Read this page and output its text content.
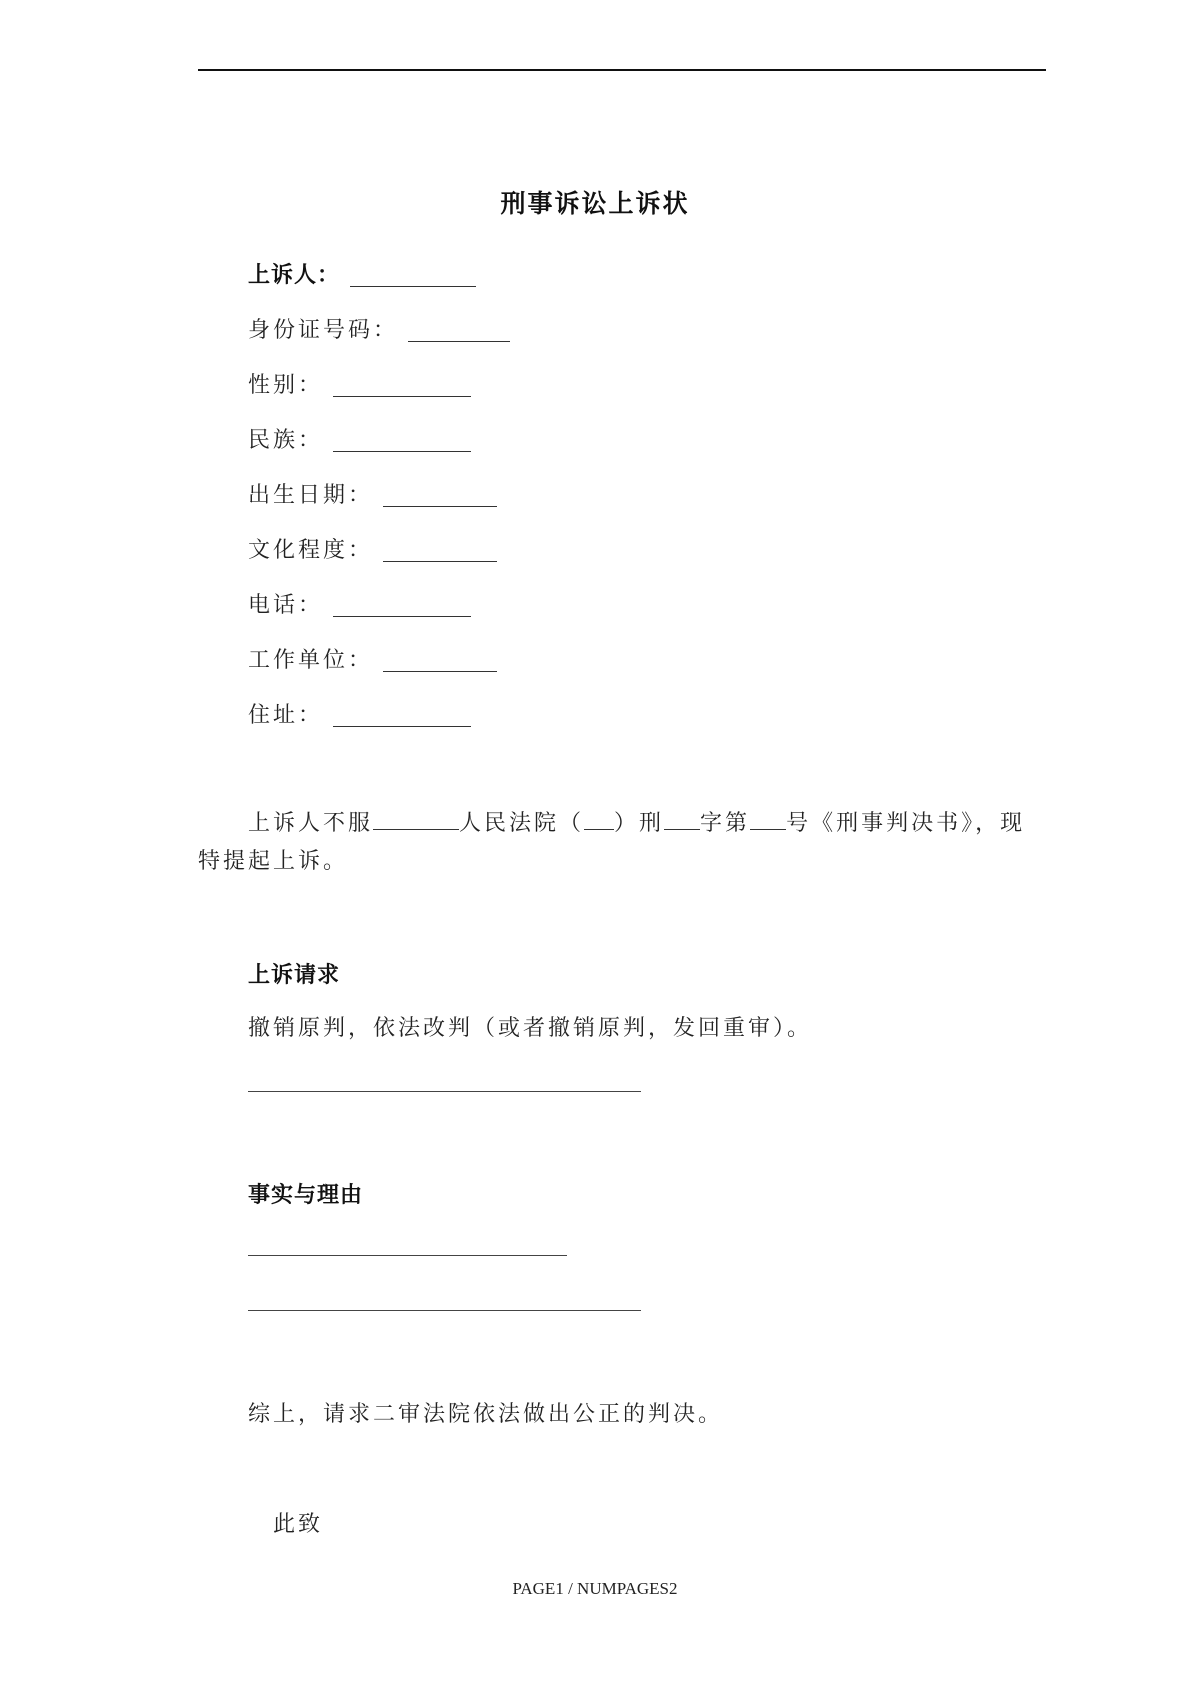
刑事诉讼上诉状
上诉人：
身份证号码：
性别：
民族：
出生日期：
文化程度：
电话：
工作单位：
住址：
上诉人不服	人民法院（ ）刑 字第 号《刑事判决书》，现特提起上诉。
上诉请求
撤销原判，依法改判（或者撤销原判，发回重审）。
事实与理由
综上，请求二审法院依法做出公正的判决。
此致
PAGE1 / NUMPAGES2
